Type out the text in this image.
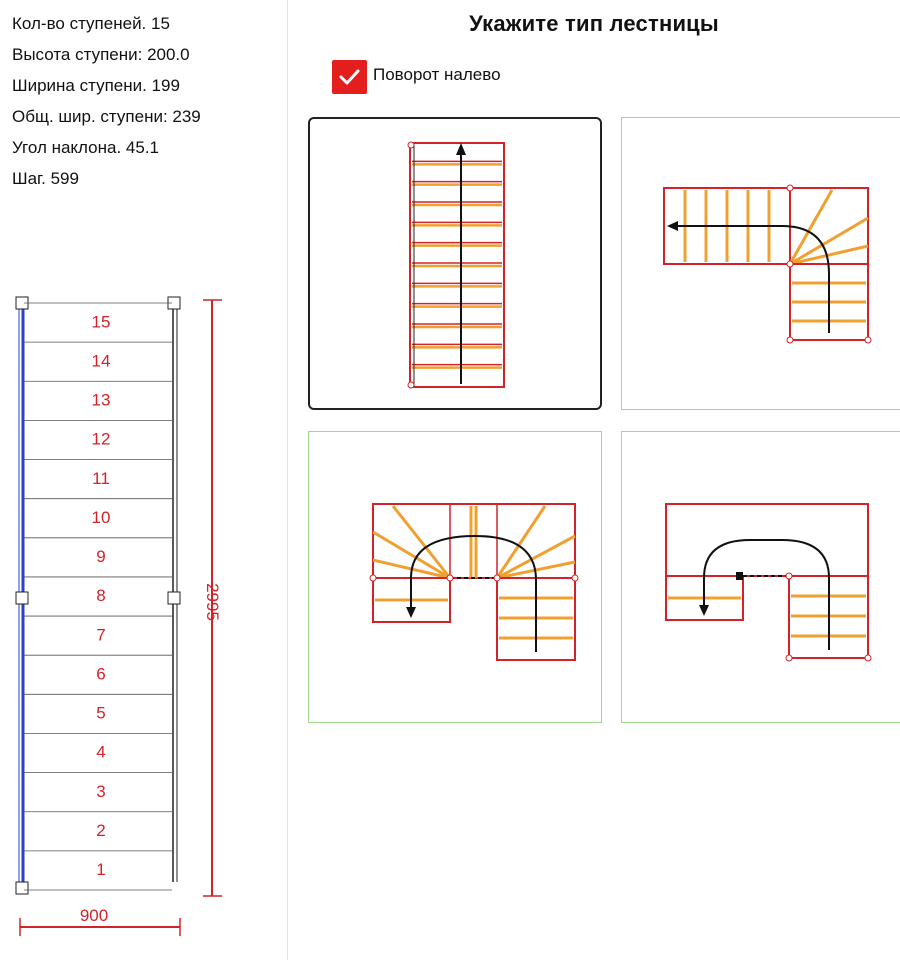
Кол-во ступеней. 15
Высота ступени: 200.0
Ширина ступени. 199
Общ. шир. ступени: 239
Угол наклона. 45.1
Шаг. 599
15
14
13
12
11
10
9
8
7
6
5
4
3
2
1
2995
900
Укажите тип лестницы
Поворот налево
